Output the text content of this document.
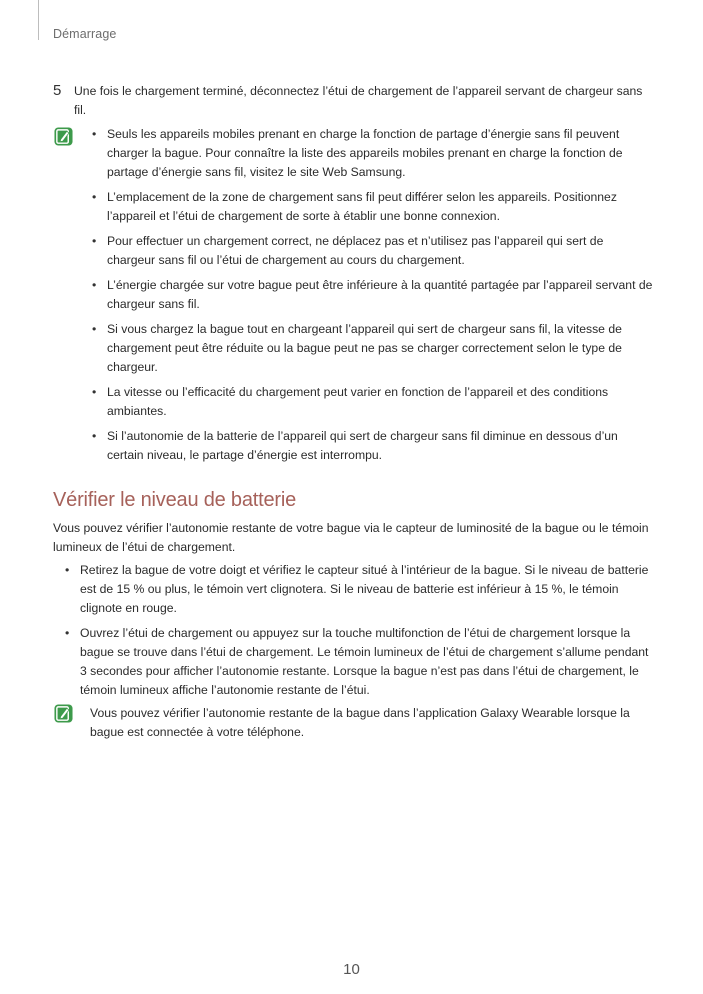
Démarrage
5 Une fois le chargement terminé, déconnectez l’étui de chargement de l’appareil servant de chargeur sans fil.
• Seuls les appareils mobiles prenant en charge la fonction de partage d’énergie sans fil peuvent charger la bague. Pour connaître la liste des appareils mobiles prenant en charge la fonction de partage d’énergie sans fil, visitez le site Web Samsung.
• L’emplacement de la zone de chargement sans fil peut différer selon les appareils. Positionnez l’appareil et l’étui de chargement de sorte à établir une bonne connexion.
• Pour effectuer un chargement correct, ne déplacez pas et n’utilisez pas l’appareil qui sert de chargeur sans fil ou l’étui de chargement au cours du chargement.
• L’énergie chargée sur votre bague peut être inférieure à la quantité partagée par l’appareil servant de chargeur sans fil.
• Si vous chargez la bague tout en chargeant l’appareil qui sert de chargeur sans fil, la vitesse de chargement peut être réduite ou la bague peut ne pas se charger correctement selon le type de chargeur.
• La vitesse ou l’efficacité du chargement peut varier en fonction de l’appareil et des conditions ambiantes.
• Si l’autonomie de la batterie de l’appareil qui sert de chargeur sans fil diminue en dessous d’un certain niveau, le partage d’énergie est interrompu.
Vérifier le niveau de batterie
Vous pouvez vérifier l’autonomie restante de votre bague via le capteur de luminosité de la bague ou le témoin lumineux de l’étui de chargement.
• Retirez la bague de votre doigt et vérifiez le capteur situé à l’intérieur de la bague. Si le niveau de batterie est de 15 % ou plus, le témoin vert clignotera. Si le niveau de batterie est inférieur à 15 %, le témoin clignote en rouge.
• Ouvrez l’étui de chargement ou appuyez sur la touche multifonction de l’étui de chargement lorsque la bague se trouve dans l’étui de chargement. Le témoin lumineux de l’étui de chargement s’allume pendant 3 secondes pour afficher l’autonomie restante. Lorsque la bague n’est pas dans l’étui de chargement, le témoin lumineux affiche l’autonomie restante de l’étui.
Vous pouvez vérifier l’autonomie restante de la bague dans l’application Galaxy Wearable lorsque la bague est connectée à votre téléphone.
10
